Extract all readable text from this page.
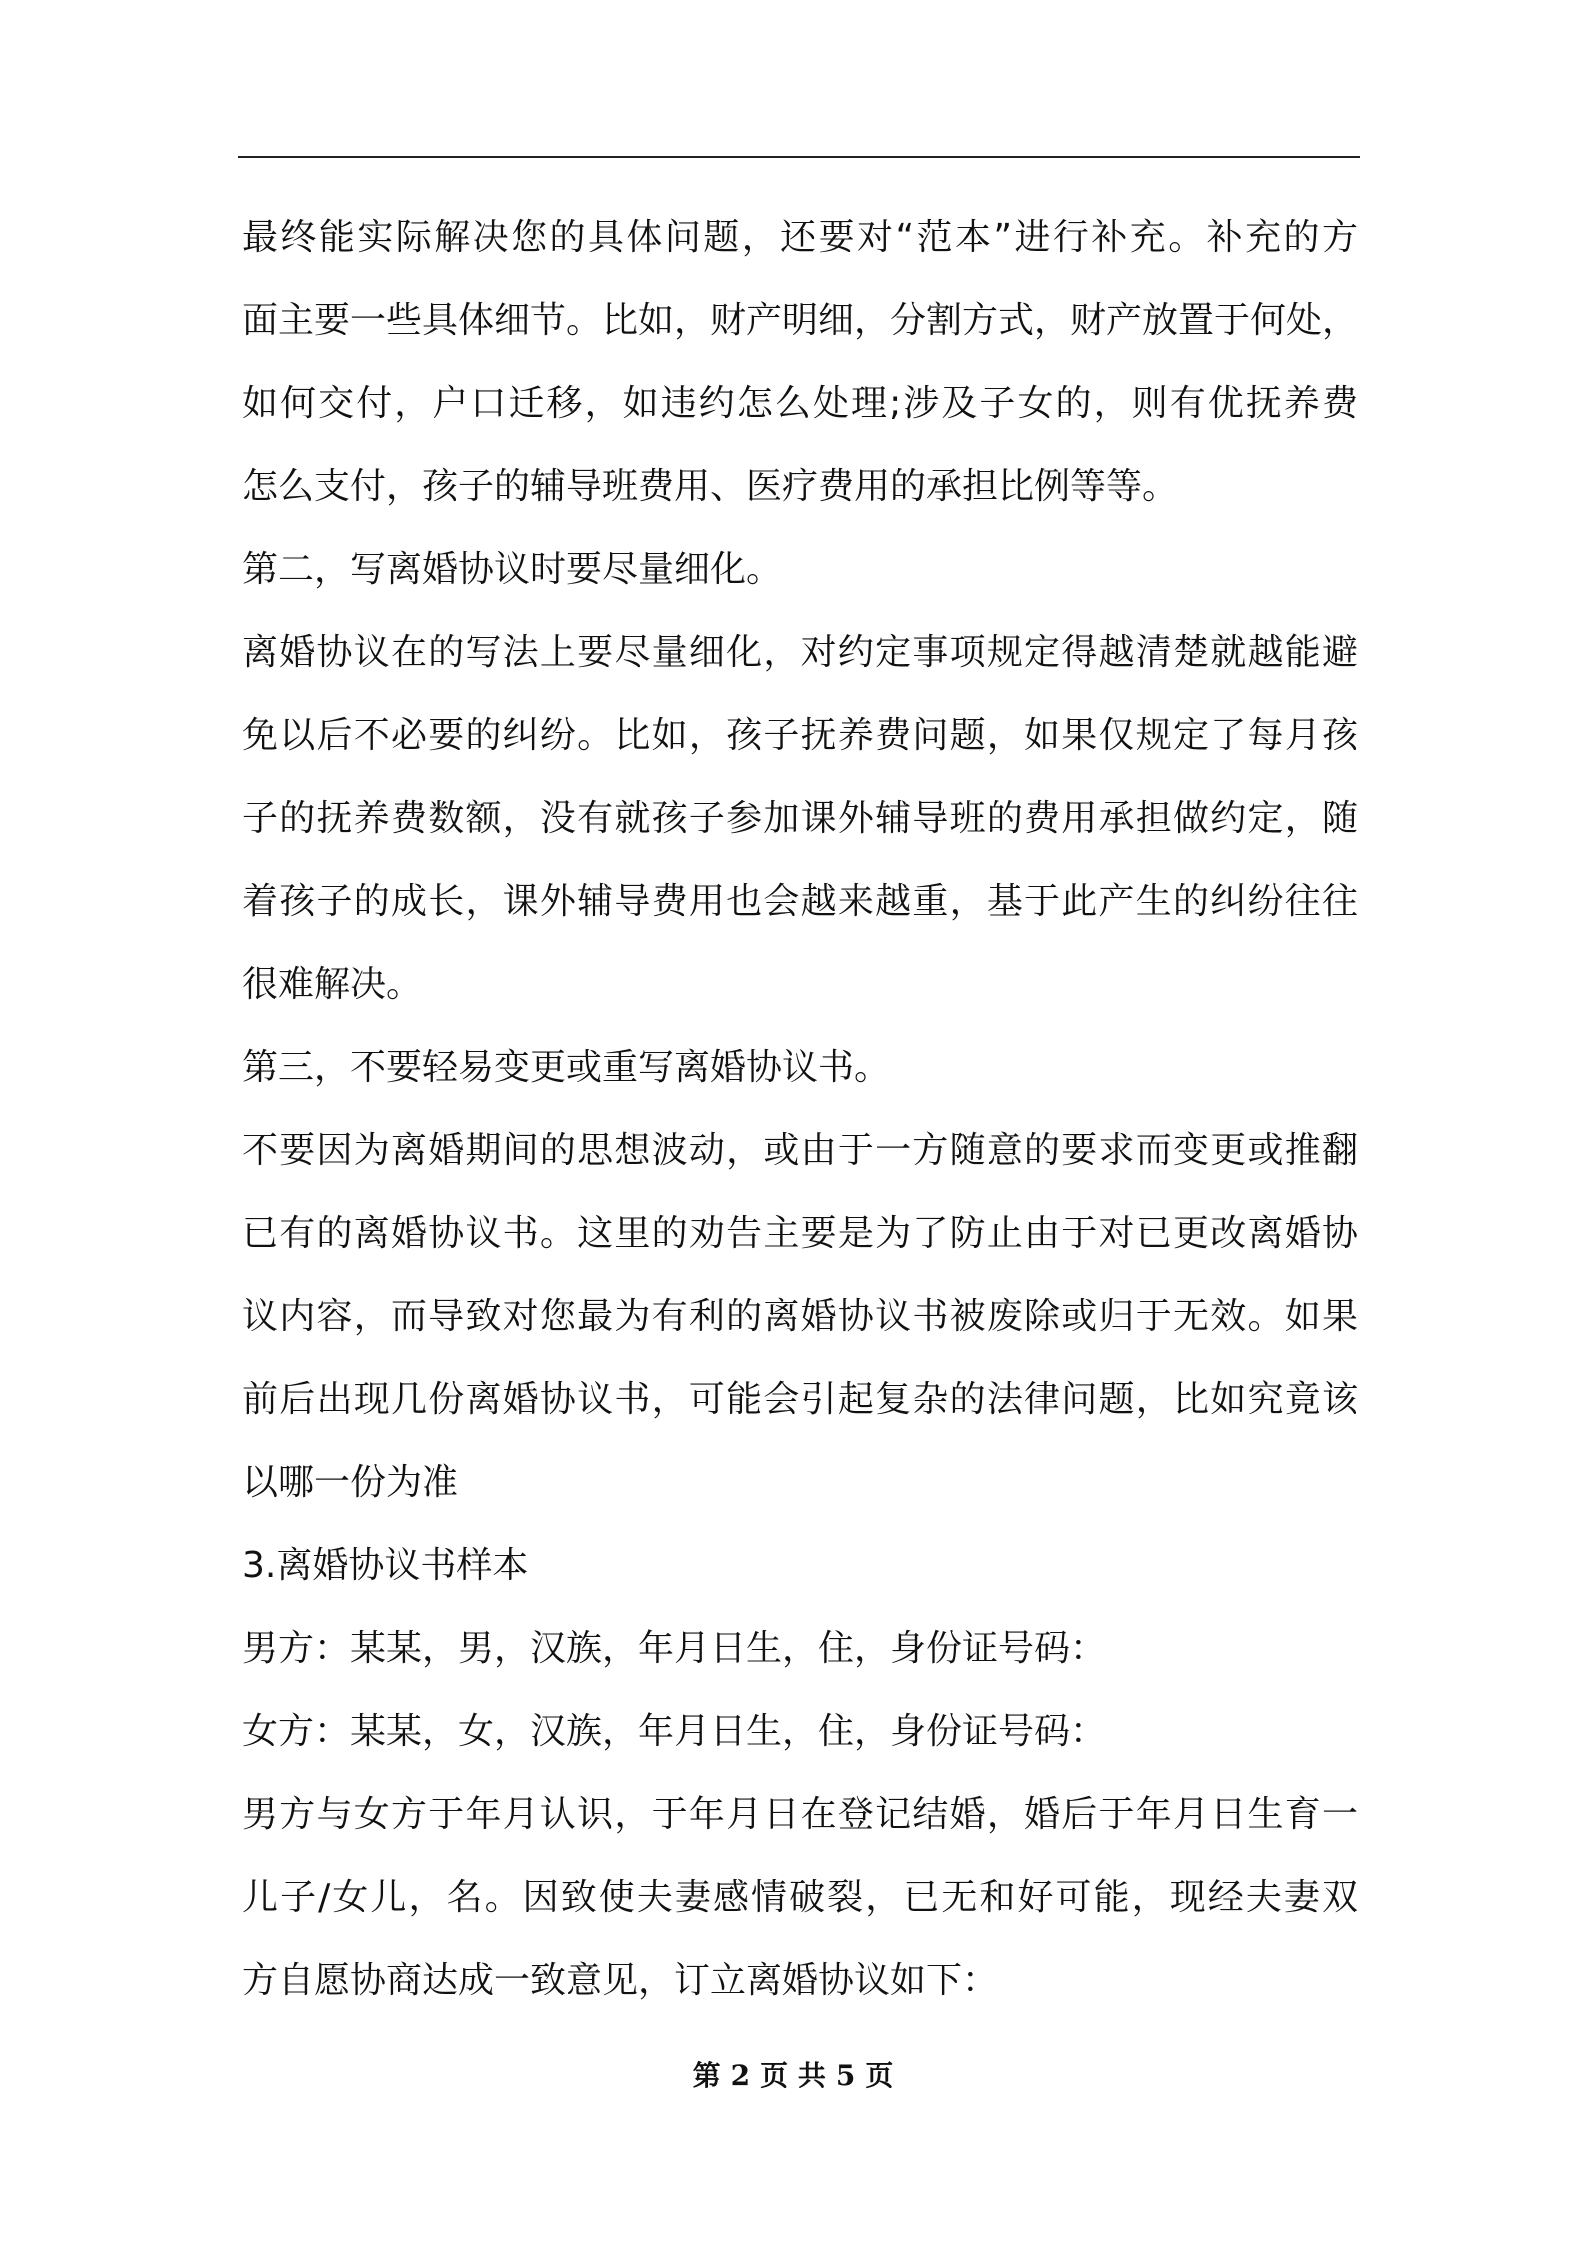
最终能实际解决您的具体问题，还要对“范本”进行补充。补充的方
面主要一些具体细节。比如，财产明细，分割方式，财产放置于何处，
如何交付，户口迁移，如违约怎么处理;涉及子女的，则有优抚养费
怎么支付，孩子的辅导班费用、医疗费用的承担比例等等。
第二，写离婚协议时要尽量细化。
离婚协议在的写法上要尽量细化，对约定事项规定得越清楚就越能避
免以后不必要的纠纷。比如，孩子抚养费问题，如果仅规定了每月孩
子的抚养费数额，没有就孩子参加课外辅导班的费用承担做约定，随
着孩子的成长，课外辅导费用也会越来越重，基于此产生的纠纷往往
很难解决。
第三，不要轻易变更或重写离婚协议书。
不要因为离婚期间的思想波动，或由于一方随意的要求而变更或推翻
已有的离婚协议书。这里的劝告主要是为了防止由于对已更改离婚协
议内容，而导致对您最为有利的离婚协议书被废除或归于无效。如果
前后出现几份离婚协议书，可能会引起复杂的法律问题，比如究竟该
以哪一份为准
3.离婚协议书样本
男方：某某，男，汉族，年月日生，住，身份证号码：
女方：某某，女，汉族，年月日生，住，身份证号码：
男方与女方于年月认识，于年月日在登记结婚，婚后于年月日生育一
儿子/女儿，名。因致使夫妻感情破裂，已无和好可能，现经夫妻双
方自愿协商达成一致意见，订立离婚协议如下：
第 2 页 共 5 页
